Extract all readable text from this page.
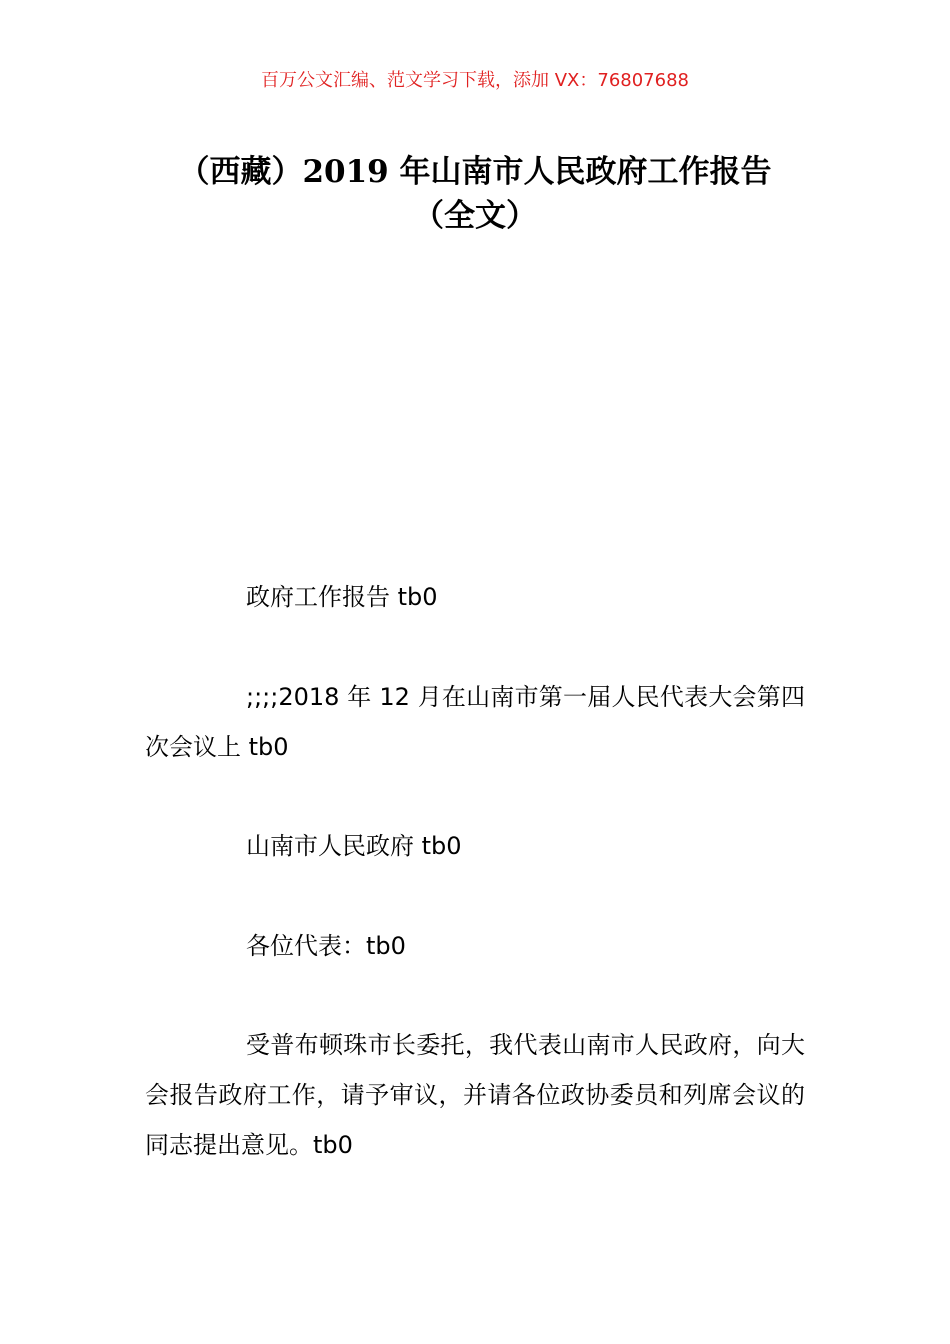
百万公文汇编、范文学习下载，添加 VX：76807688
（西藏）2019 年山南市人民政府工作报告
（全文）

政府工作报告 tb0

;;;;2018 年 12 月在山南市第一届人民代表大会第四次会议上 tb0

山南市人民政府 tb0

各位代表：tb0

受普布顿珠市长委托，我代表山南市人民政府，向大会报告政府工作，请予审议，并请各位政协委员和列席会议的同志提出意见。tb0
